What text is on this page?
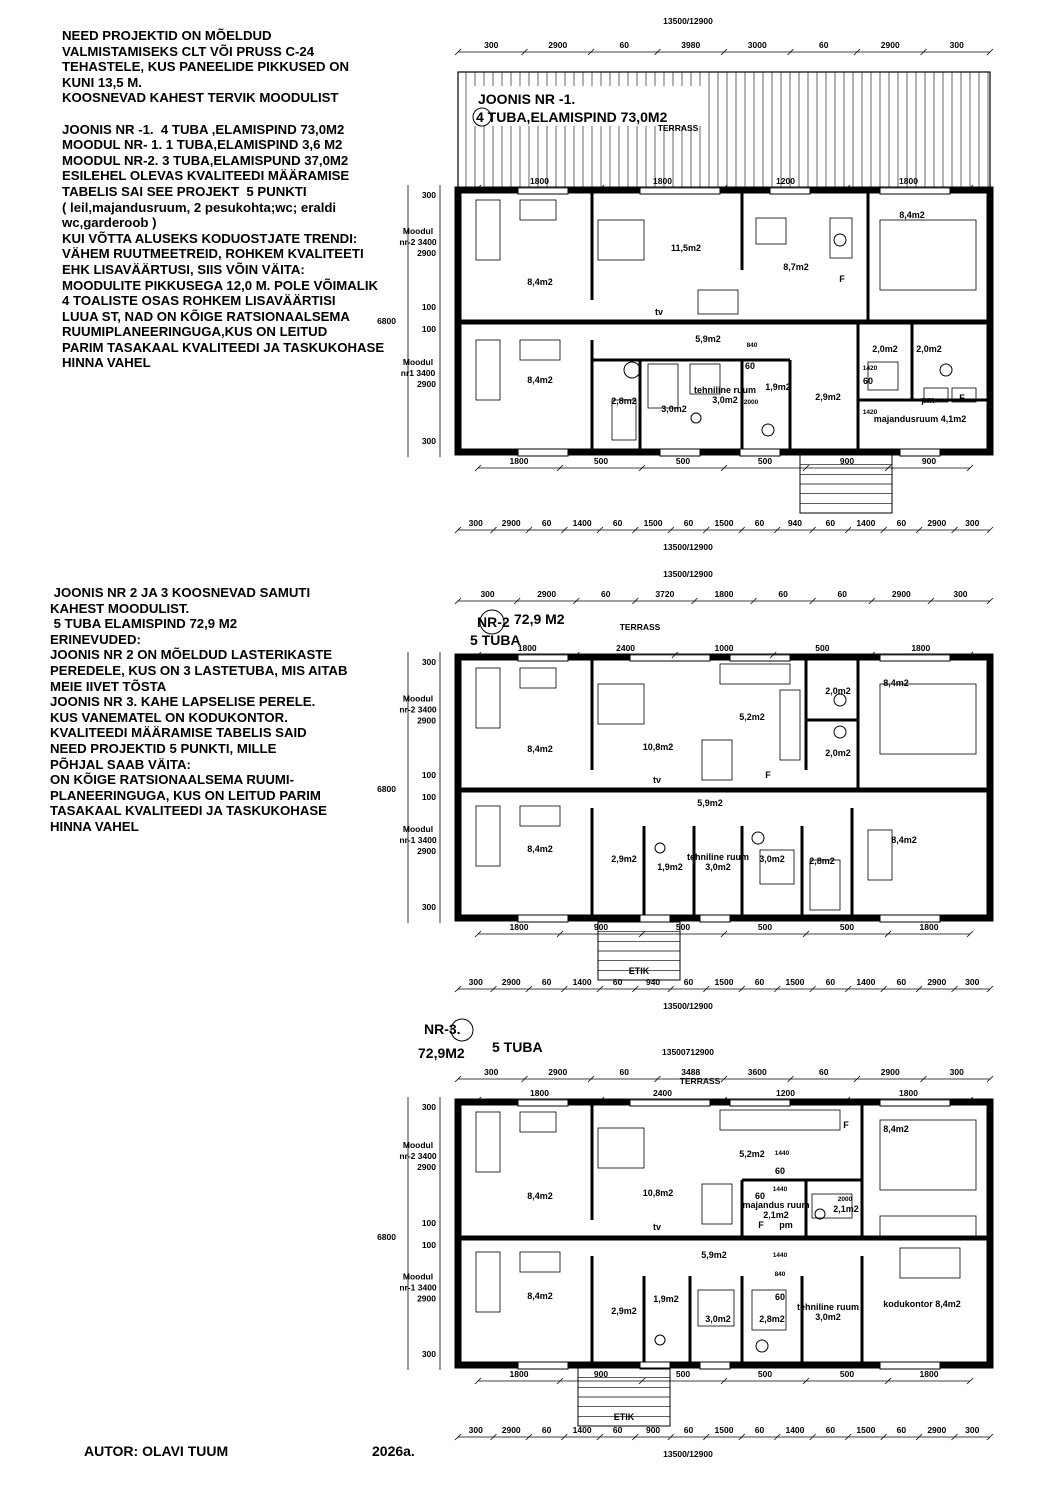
NEED PROJEKTID ON MÕELDUD
VALMISTAMISEKS CLT VÕI PRUSS C-24
TEHASTELE, KUS PANEELIDE PIKKUSED ON
KUNI 13,5 M.
KOOSNEVAD KAHEST TERVIK MOODULIST

JOONIS NR -1.  4 TUBA ,ELAMISPIND 73,0M2
MOODUL NR- 1. 1 TUBA,ELAMISPIND 3,6 M2
MOODUL NR-2. 3 TUBA,ELAMISPUND 37,0M2
ESILEHEL OLEVAS KVALITEEDI MÄÄRAMISE
TABELIS SAI SEE PROJEKT  5 PUNKTI
( leil,majandusruum, 2 pesukohta;wc; eraldi
wc,garderoob )
KUI VÕTTA ALUSEKS KODUOSTJATE TRENDI:
VÄHEM RUUTMEETREID, ROHKEM KVALITEETI
EHK LISAVÄÄRTUSI, SIIS VÕIN VÄITA:
MOODULITE PIKKUSEGA 12,0 M. POLE VÕIMALIK
4 TOALISTE OSAS ROHKEM LISAVÄÄRTISI
LUUA ST, NAD ON KÕIGE RATSIONAALSEMA
RUUMIPLANEERINGUGA,KUS ON LEITUD
PARIM TASAKAAL KVALITEEDI JA TASKUKOHASE
HINNA VAHEL
JOONIS NR 2 JA 3 KOOSNEVAD SAMUTI
KAHEST MOODULIST.
5 TUBA ELAMISPIND 72,9 M2
ERINEVUDED:
JOONIS NR 2 ON MÕELDUD LASTERIKASTE
PEREDELE, KUS ON 3 LASTETUBA, MIS AITAB
MEIE IIVET TÕSTA
JOONIS NR 3. KAHE LAPSELISE PERELE.
KUS VANEMATEL ON KODUKONTOR.
KVALITEEDI MÄÄRAMISE TABELIS SAID
NEED PROJEKTID 5 PUNKTI, MILLE
PÕHJAL SAAB VÄITA:
ON KÕIGE RATSIONAALSEMA RUUMI-
PLANEERINGUGA, KUS ON LEITUD PARIM
TASAKAAL KVALITEEDI JA TASKUKOHASE
HINNA VAHEL
AUTOR: OLAVI TUUM	2026a.
JOONIS NR -1.
4 TUBA,ELAMISPIND 73,0M2
TERRASS
8,4m2
11,5m2
8,7m2
8,4m2
8,4m2
5,9m2
2,8m2
3,0m2
tehniline ruum
3,0m2
1,9m2
2,9m2
2,0m2 2,0m2
majandusruum 4,1m2
tv
F
F
pm
840
60
2000
1420
1420
60
13500/12900
300	2900	60	3980	3000	60	2900	300
1800	1800	1200	1800
1800	500	500	500	900	900
300 2900	60	1400	60	1500	60	1500	60	940	60	1400	60	2900 300
13500/12900
300
2900
100
100
2900
300
6800
Moodul
nr-2 3400
Moodul
nr1 3400
NR-2 72,9 M2
5 TUBA
TERRASS
8,4m2
10,8m2
5,2m2
2,0m2
2,0m2
8,4m2
5,9m2
8,4m2
2,9m2
1,9m2
tehniline ruum
3,0m2
3,0m2	2,8m2
8,4m2
tv	F
13500/12900
300	2900	60	3720	1800	60	60	2900	300
1800	2400	1000	500	1800
1800	900	500	500	500	1800
300 2900	60	1400	60	940	60	1500	60	1500	60	1400	60	2900 300
13500/12900
300
2900
100
100
2900
300
6800
Moodul
nr-2 3400
Moodul
nr-1 3400
ETIK
NR-3.
72,9M2 5 TUBA
TERRASS
8,4m2
10,8m2
5,2m2
majandus ruum
2,1m2
2,1m2
8,4m2
5,9m2
8,4m2
2,9m2
1,9m2
3,0m2	2,8m2
tehniline ruum
3,0m2
kodukontor 8,4m2
tv
F
F pm
1440
60
1440
60
1440
840
60
2000
13500712900
300	2900	60	3488	3600	60	2900	300
1800	2400	1200	1800
1800	900	500	500	500	1800
300 2900	60	1400	60	900	60	1500	60	1400	60	1500	60	2900 300
13500/12900
300
2900
100
100
2900
300
6800
Moodul
nr-2 3400
Moodul
nr-1 3400
ETIK
